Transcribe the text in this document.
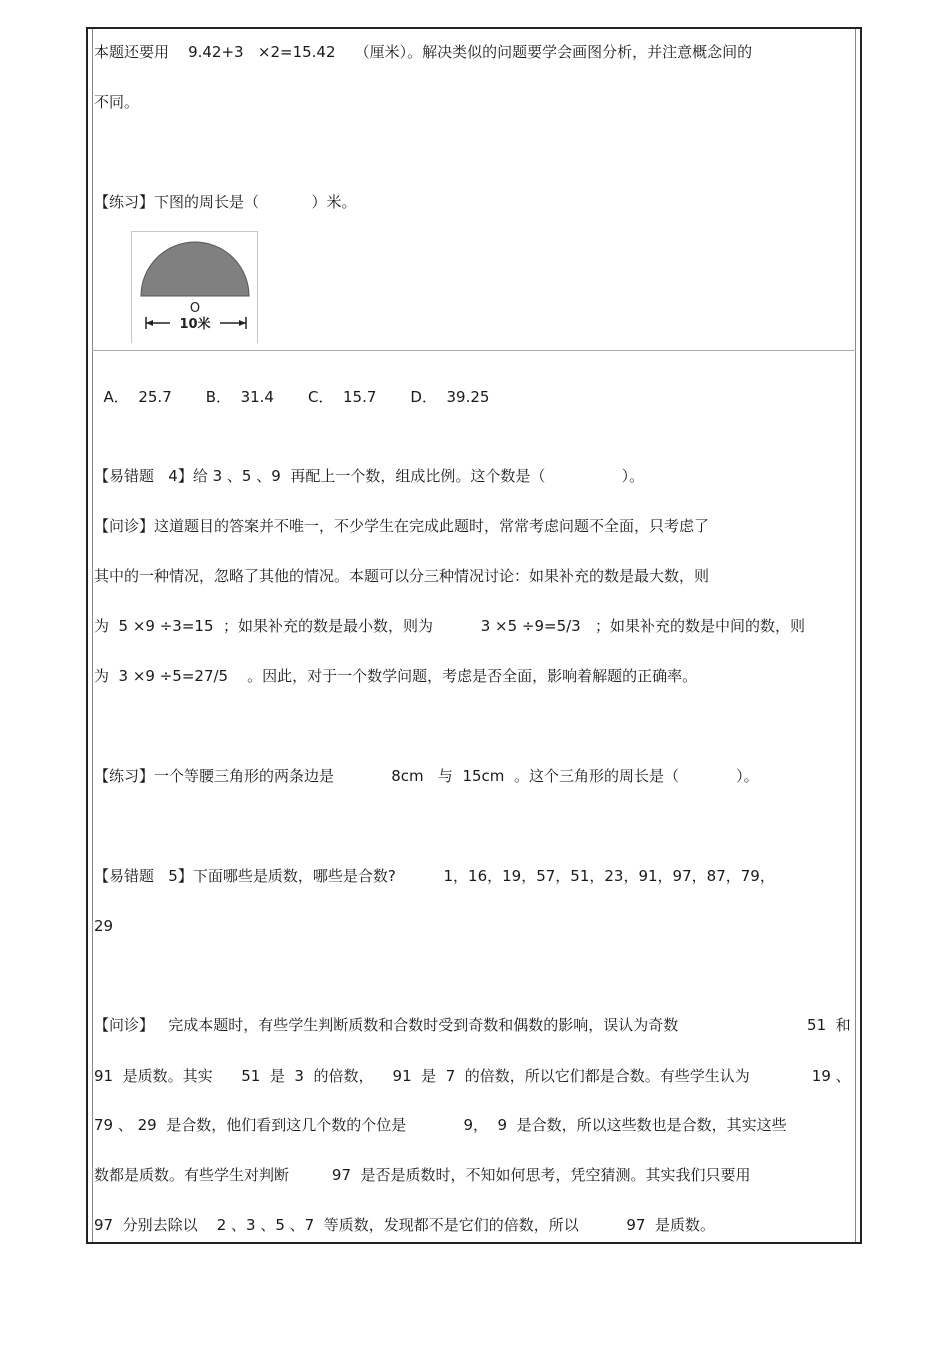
本题还要用    9.42+3   ×2=15.42    （厘米）。解决类似的问题要学会画图分析，并注意概念间的
不同。
【练习】下图的周长是（           ）米。
O
10米

A．  25.7 B．  31.4 C．  15.7 D．  39.25

【易错题   4】给 3 、5 、9  再配上一个数，组成比例。这个数是（                ）。
【问诊】这道题目的答案并不唯一，不少学生在完成此题时，常常考虑问题不全面，只考虑了
其中的一种情况，忽略了其他的情况。本题可以分三种情况讨论：如果补充的数是最大数，则
为  5 ×9 ÷3=15  ；如果补充的数是最小数，则为          3 ×5 ÷9=5/3   ；如果补充的数是中间的数，则
为  3 ×9 ÷5=27/5    。因此，对于一个数学问题，考虑是否全面，影响着解题的正确率。
【练习】一个等腰三角形的两条边是            8cm   与  15cm  。这个三角形的周长是（            ）。
【易错题   5】下面哪些是质数，哪些是合数?          1，16，19，57，51，23，91，97，87，79，
29
【问诊】   完成本题时，有些学生判断质数和合数时受到奇数和偶数的影响，误认为奇数                           51  和
91  是质数。其实      51  是  3  的倍数，    91  是  7  的倍数，所以它们都是合数。有些学生认为             19 、
79 、 29  是合数，他们看到这几个数的个位是            9，  9  是合数，所以这些数也是合数，其实这些
数都是质数。有些学生对判断         97  是否是质数时，不知如何思考，凭空猜测。其实我们只要用
97  分别去除以    2 、3 、5 、7  等质数，发现都不是它们的倍数，所以          97  是质数。
